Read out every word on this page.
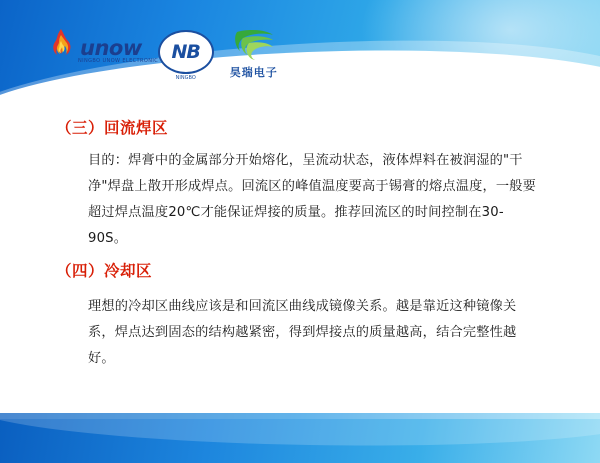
unow
NINGBO UNOW ELECTRONIC NB
NINGBO	昊瑞电子
（三）回流焊区
目的：焊膏中的金属部分开始熔化，呈流动状态，液体焊料在被润湿的"干净"焊盘上散开形成焊点。回流区的峰值温度要高于锡膏的熔点温度，一般要超过焊点温度20℃才能保证焊接的质量。推荐回流区的时间控制在30-90S。
（四）冷却区
理想的冷却区曲线应该是和回流区曲线成镜像关系。越是靠近这种镜像关系，焊点达到固态的结构越紧密，得到焊接点的质量越高，结合完整性越好。
